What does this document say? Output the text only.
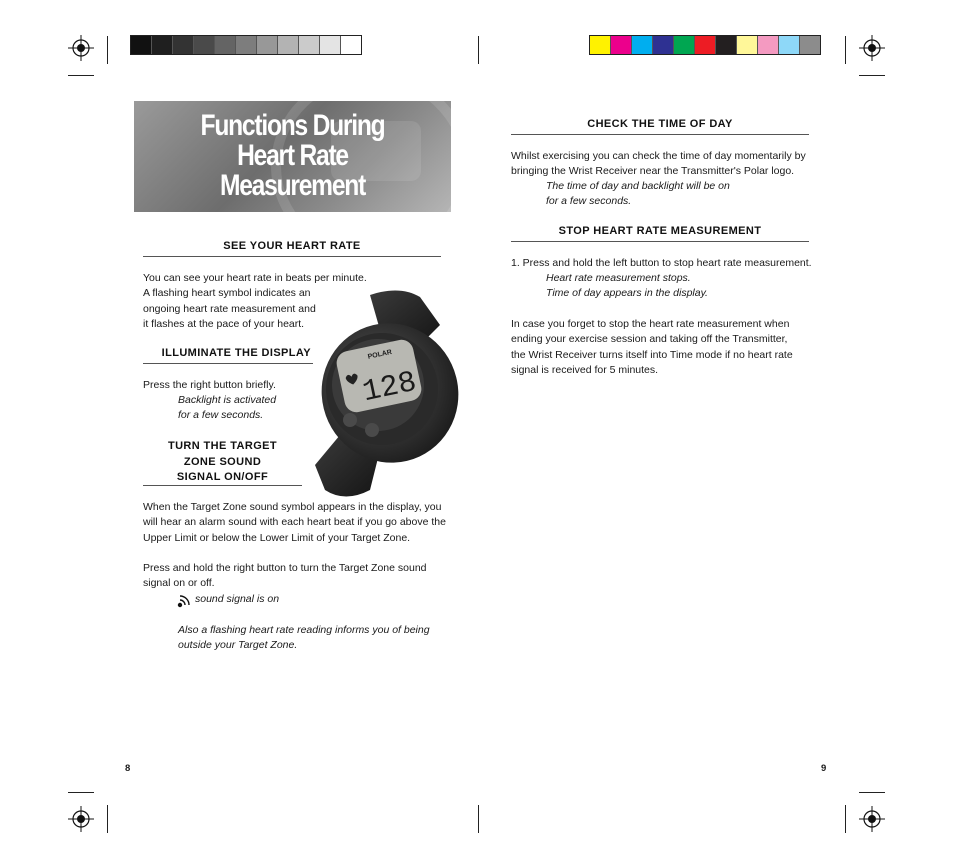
Functions During
Heart Rate
Measurement
SEE YOUR HEART RATE
You can see your heart rate in beats per minute.
A flashing heart symbol indicates an
ongoing heart rate measurement and
it flashes at the pace of your heart.
ILLUMINATE THE DISPLAY
Press the right button briefly.
Backlight is activated
for a few seconds.
TURN THE TARGET
ZONE SOUND
SIGNAL ON/OFF
When the Target Zone sound symbol appears in the display, you
will hear an alarm sound with each heart beat if you go above the
Upper Limit or below the Lower Limit of your Target Zone.
Press and hold the right button to turn the Target Zone sound
signal on or off.
sound signal is on
Also a flashing heart rate reading informs you of being
outside your Target Zone.
8
POLAR
128
CHECK THE TIME OF DAY
Whilst exercising you can check the time of day momentarily by
bringing the Wrist Receiver near the Transmitter's Polar logo.
The time of day and backlight will be on
for a few seconds.
STOP HEART RATE MEASUREMENT
1. Press and hold the left button to stop heart rate measurement.
Heart rate measurement stops.
Time of day appears in the display.
In case you forget to stop the heart rate measurement when
ending your exercise session and taking off the Transmitter,
the Wrist Receiver turns itself into Time mode if no heart rate
signal is received for 5 minutes.
9
